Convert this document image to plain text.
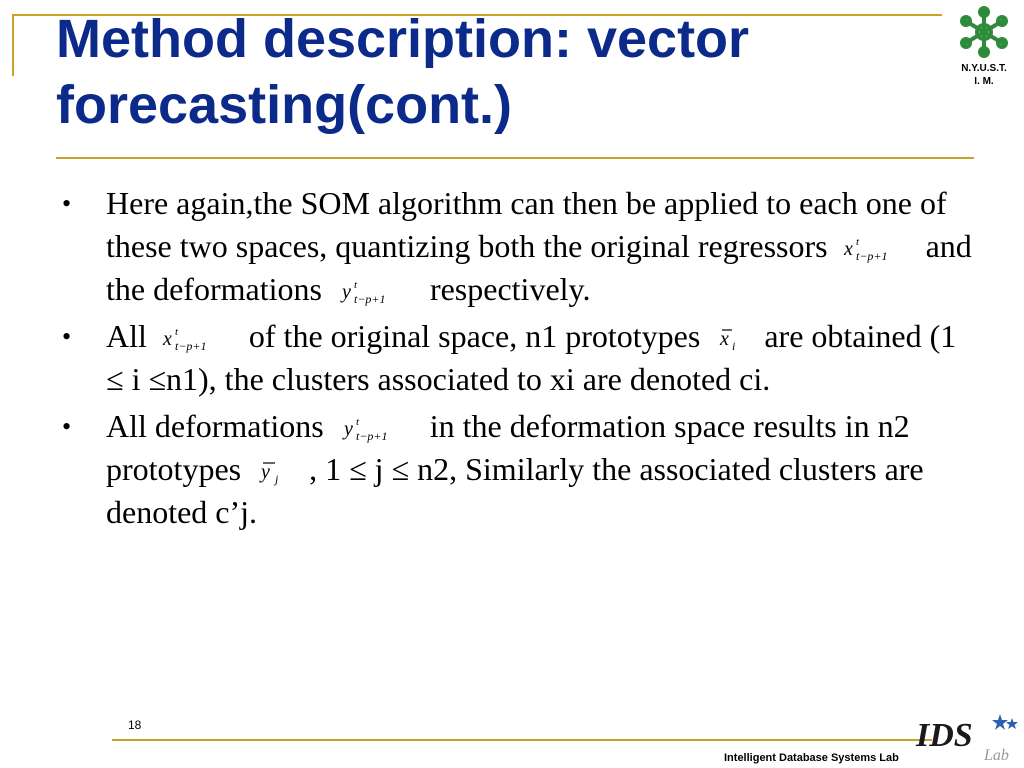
Method description: vector forecasting(cont.)
N.Y.U.S.T.
I. M.
• Here again,the SOM algorithm can then be applied to each one of these two spaces, quantizing both the original regressors x t
t−p+1 and the deformations y t
t−p+1 respectively.
• All x t
t−p+1 of the original space, n1 prototypes x i are obtained (1 ≤ i ≤n1), the clusters associated to xi are denoted ci.
• All deformations y t
t−p+1 in the deformation space results in n2 prototypes y j , 1 ≤ j ≤ n2, Similarly the associated clusters are denoted c’j.
18	IDS
Lab
Intelligent Database Systems Lab
